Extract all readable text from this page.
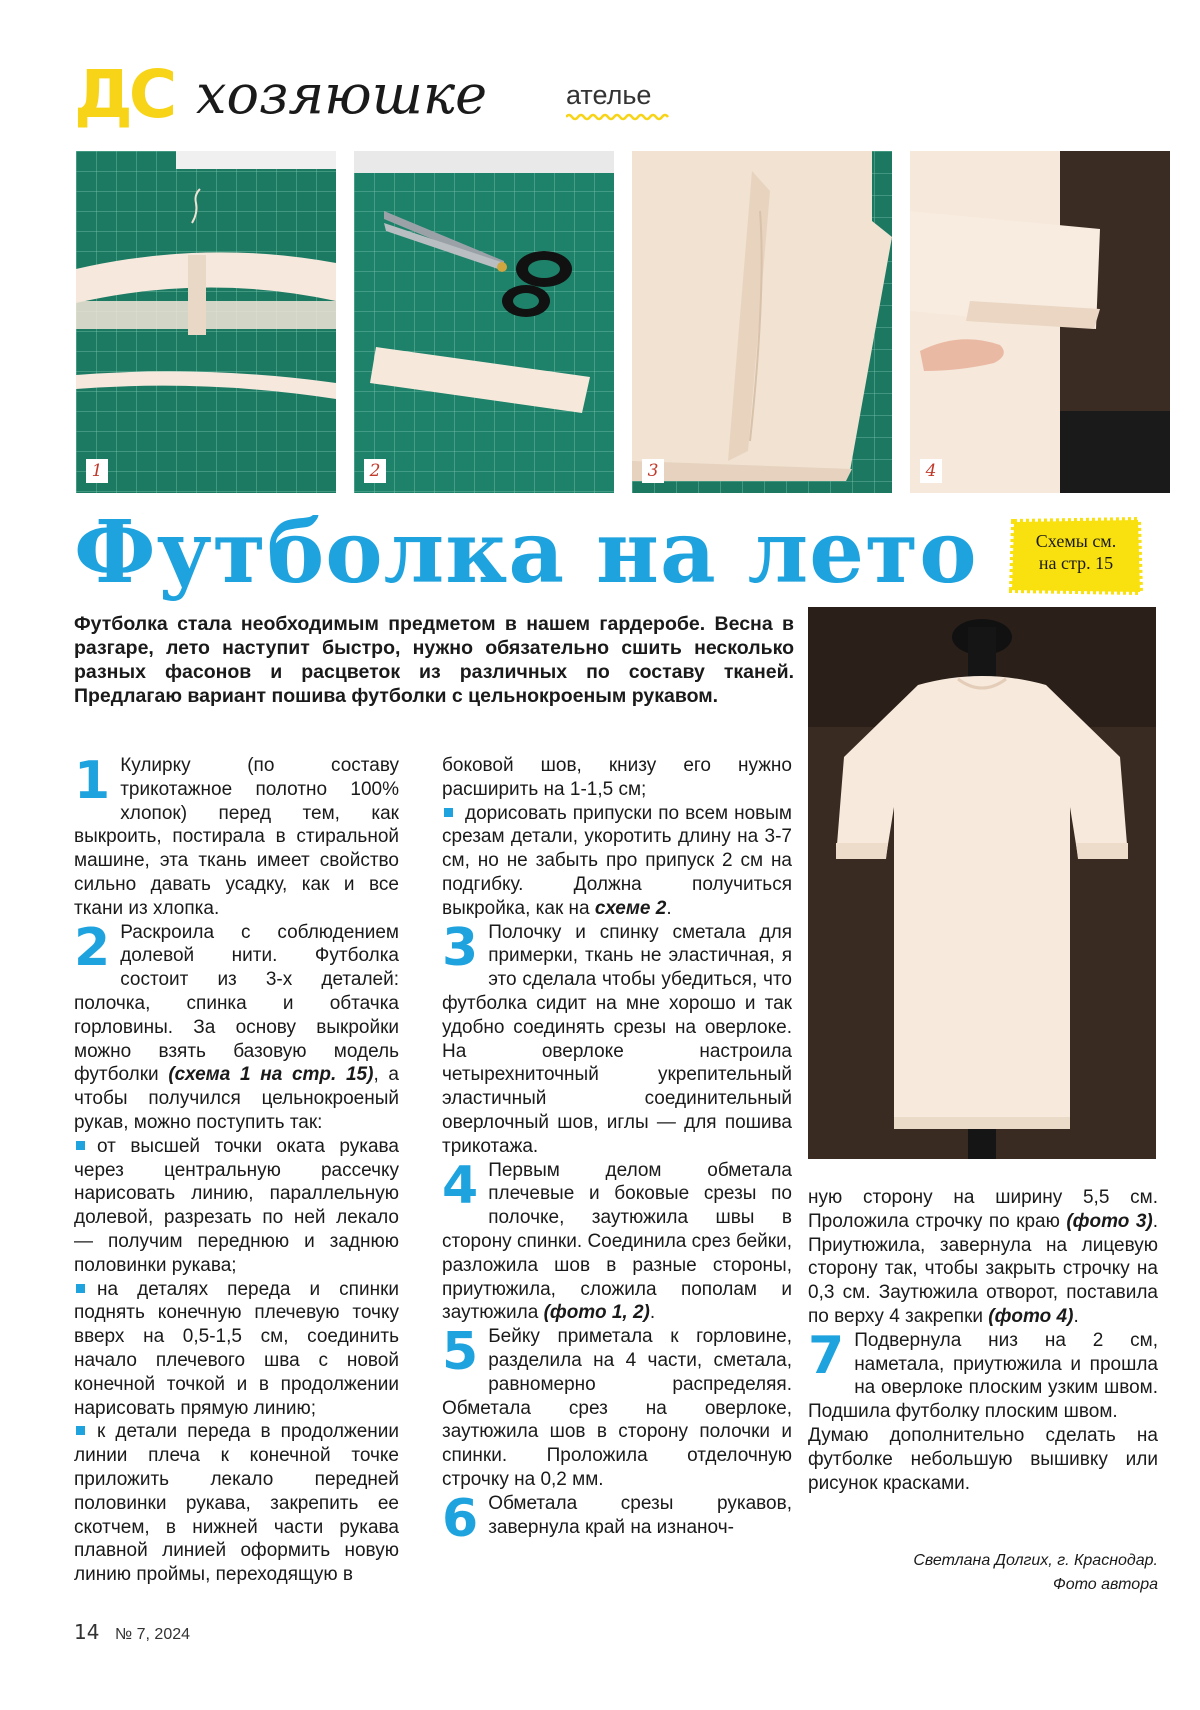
ДС хозяюшке	ателье
1	2	3	4
Футболка на лето	Схемы см.
на стр. 15
Футболка стала необходимым предметом в нашем гардеробе. Весна в разгаре, лето наступит быстро, нужно обязательно сшить несколько разных фасонов и расцветок из различных по составу тканей. Предлагаю вариант пошива футболки с цельнокроеным рукавом.

1 Кулирку (по составу трикотажное полотно 100% хлопок) перед тем, как выкроить, постирала в стиральной машине, эта ткань имеет свойство сильно давать усадку, как и все ткани из хлопка.

2 Раскроила с соблюдением долевой нити. Футболка состоит из 3-х деталей: полочка, спинка и обтачка горловины. За основу выкройки можно взять базовую модель футболки (схема 1 на стр. 15), а чтобы получился цельнокроеный рукав, можно поступить так:

от высшей точки оката рукава через центральную рассечку нарисовать линию, параллельную долевой, разрезать по ней лекало — получим переднюю и заднюю половинки рукава;

на деталях переда и спинки поднять конечную плечевую точку вверх на 0,5-1,5 см, соединить начало плечевого шва с новой конечной точкой и в продолжении нарисовать прямую линию;

к детали переда в продолжении линии плеча к конечной точке приложить лекало передней половинки рукава, закрепить ее скотчем, в нижней части рукава плавной линией оформить новую линию проймы, переходящую в

боковой шов, книзу его нужно расширить на 1-1,5 см;

дорисовать припуски по всем новым срезам детали, укоротить длину на 3-7 см, но не забыть про припуск 2 см на подгибку. Должна получиться выкройка, как на схеме 2.

3 Полочку и спинку сметала для примерки, ткань не эластичная, я это сделала чтобы убедиться, что футболка сидит на мне хорошо и так удобно соединять срезы на оверлоке. На оверлоке настроила четырехниточный укрепительный эластичный соединительный оверлочный шов, иглы — для пошива трикотажа.

4 Первым делом обметала плечевые и боковые срезы по полочке, заутюжила швы в сторону спинки. Соединила срез бейки, разложила шов в разные стороны, приутюжила, сложила пополам и заутюжила (фото 1, 2).

5 Бейку приметала к горловине, разделила на 4 части, сметала, равномерно распределяя. Обметала срез на оверлоке, заутюжила шов в сторону полочки и спинки. Проложила отделочную строчку на 0,2 мм.

6 Обметала срезы рукавов, завернула край на изнаноч-

ную сторону на ширину 5,5 см. Проложила строчку по краю (фото 3). Приутюжила, завернула на лицевую сторону так, чтобы закрыть строчку на 0,3 см. Заутюжила отворот, поставила по верху 4 закрепки (фото 4).

7 Подвернула низ на 2 см, наметала, приутюжила и прошла на оверлоке плоским узким швом. Подшила футболку плоским швом.

Думаю дополнительно сделать на футболке небольшую вышивку или рисунок красками.

Светлана Долгих, г. Краснодар.
Фото автора
14 № 7, 2024
